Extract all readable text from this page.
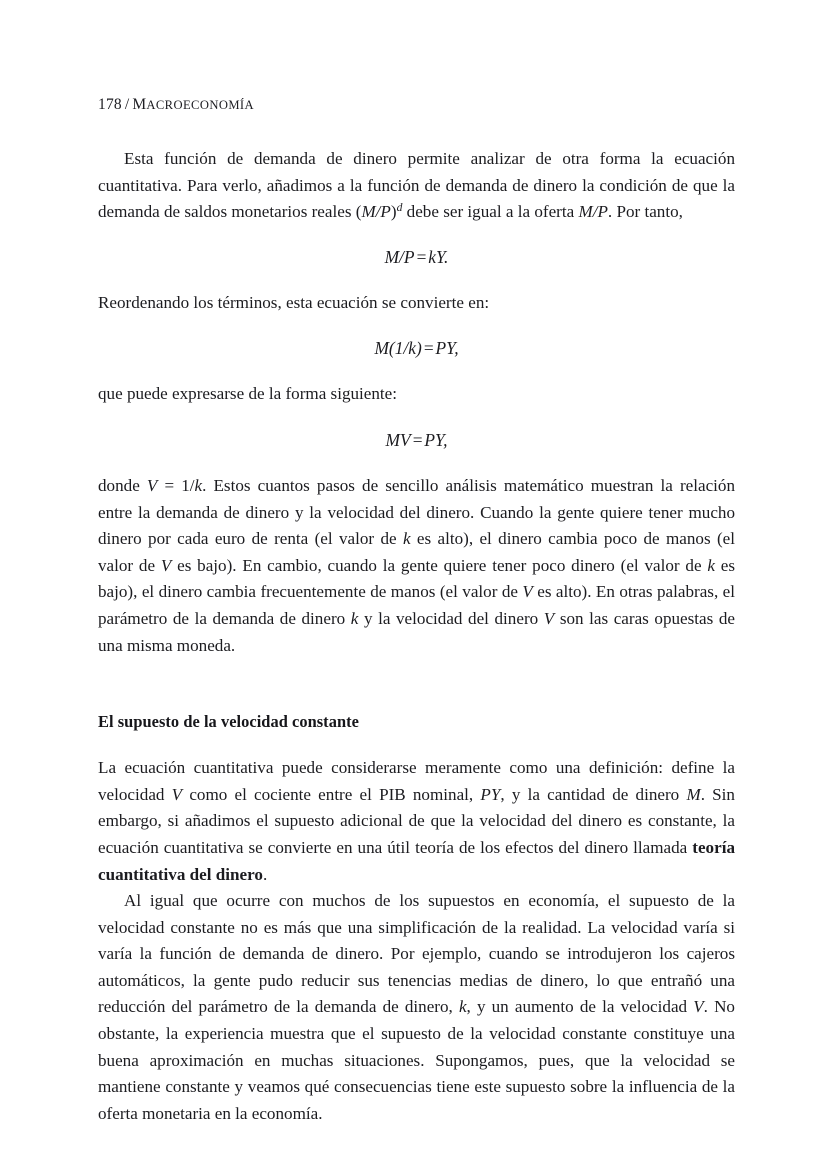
178 / MACROECONOMÍA

Esta función de demanda de dinero permite analizar de otra forma la ecuación cuantitativa. Para verlo, añadimos a la función de demanda de dinero la condición de que la demanda de saldos monetarios reales $(M/P)^d$ debe ser igual a la oferta M/P. Por tanto,

M/P=kY.

Reordenando los términos, esta ecuación se convierte en:

M(1/k)=PY,

que puede expresarse de la forma siguiente:

MV=PY,

donde V = 1/k. Estos cuantos pasos de sencillo análisis matemático muestran la relación entre la demanda de dinero y la velocidad del dinero. Cuando la gente quiere tener mucho dinero por cada euro de renta (el valor de k es alto), el dinero cambia poco de manos (el valor de V es bajo). En cambio, cuando la gente quiere tener poco dinero (el valor de k es bajo), el dinero cambia frecuentemente de manos (el valor de V es alto). En otras palabras, el parámetro de la demanda de dinero k y la velocidad del dinero V son las caras opuestas de una misma moneda.

El supuesto de la velocidad constante

La ecuación cuantitativa puede considerarse meramente como una definición: define la velocidad V como el cociente entre el PIB nominal, PY, y la cantidad de dinero M. Sin embargo, si añadimos el supuesto adicional de que la velocidad del dinero es constante, la ecuación cuantitativa se convierte en una útil teoría de los efectos del dinero llamada teoría cuantitativa del dinero.

Al igual que ocurre con muchos de los supuestos en economía, el supuesto de la velocidad constante no es más que una simplificación de la realidad. La velocidad varía si varía la función de demanda de dinero. Por ejemplo, cuando se introdujeron los cajeros automáticos, la gente pudo reducir sus tenencias medias de dinero, lo que entrañó una reducción del parámetro de la demanda de dinero, k, y un aumento de la velocidad V. No obstante, la experiencia muestra que el supuesto de la velocidad constante constituye una buena aproximación en muchas situaciones. Supongamos, pues, que la velocidad se mantiene constante y veamos qué consecuencias tiene este supuesto sobre la influencia de la oferta monetaria en la economía.
